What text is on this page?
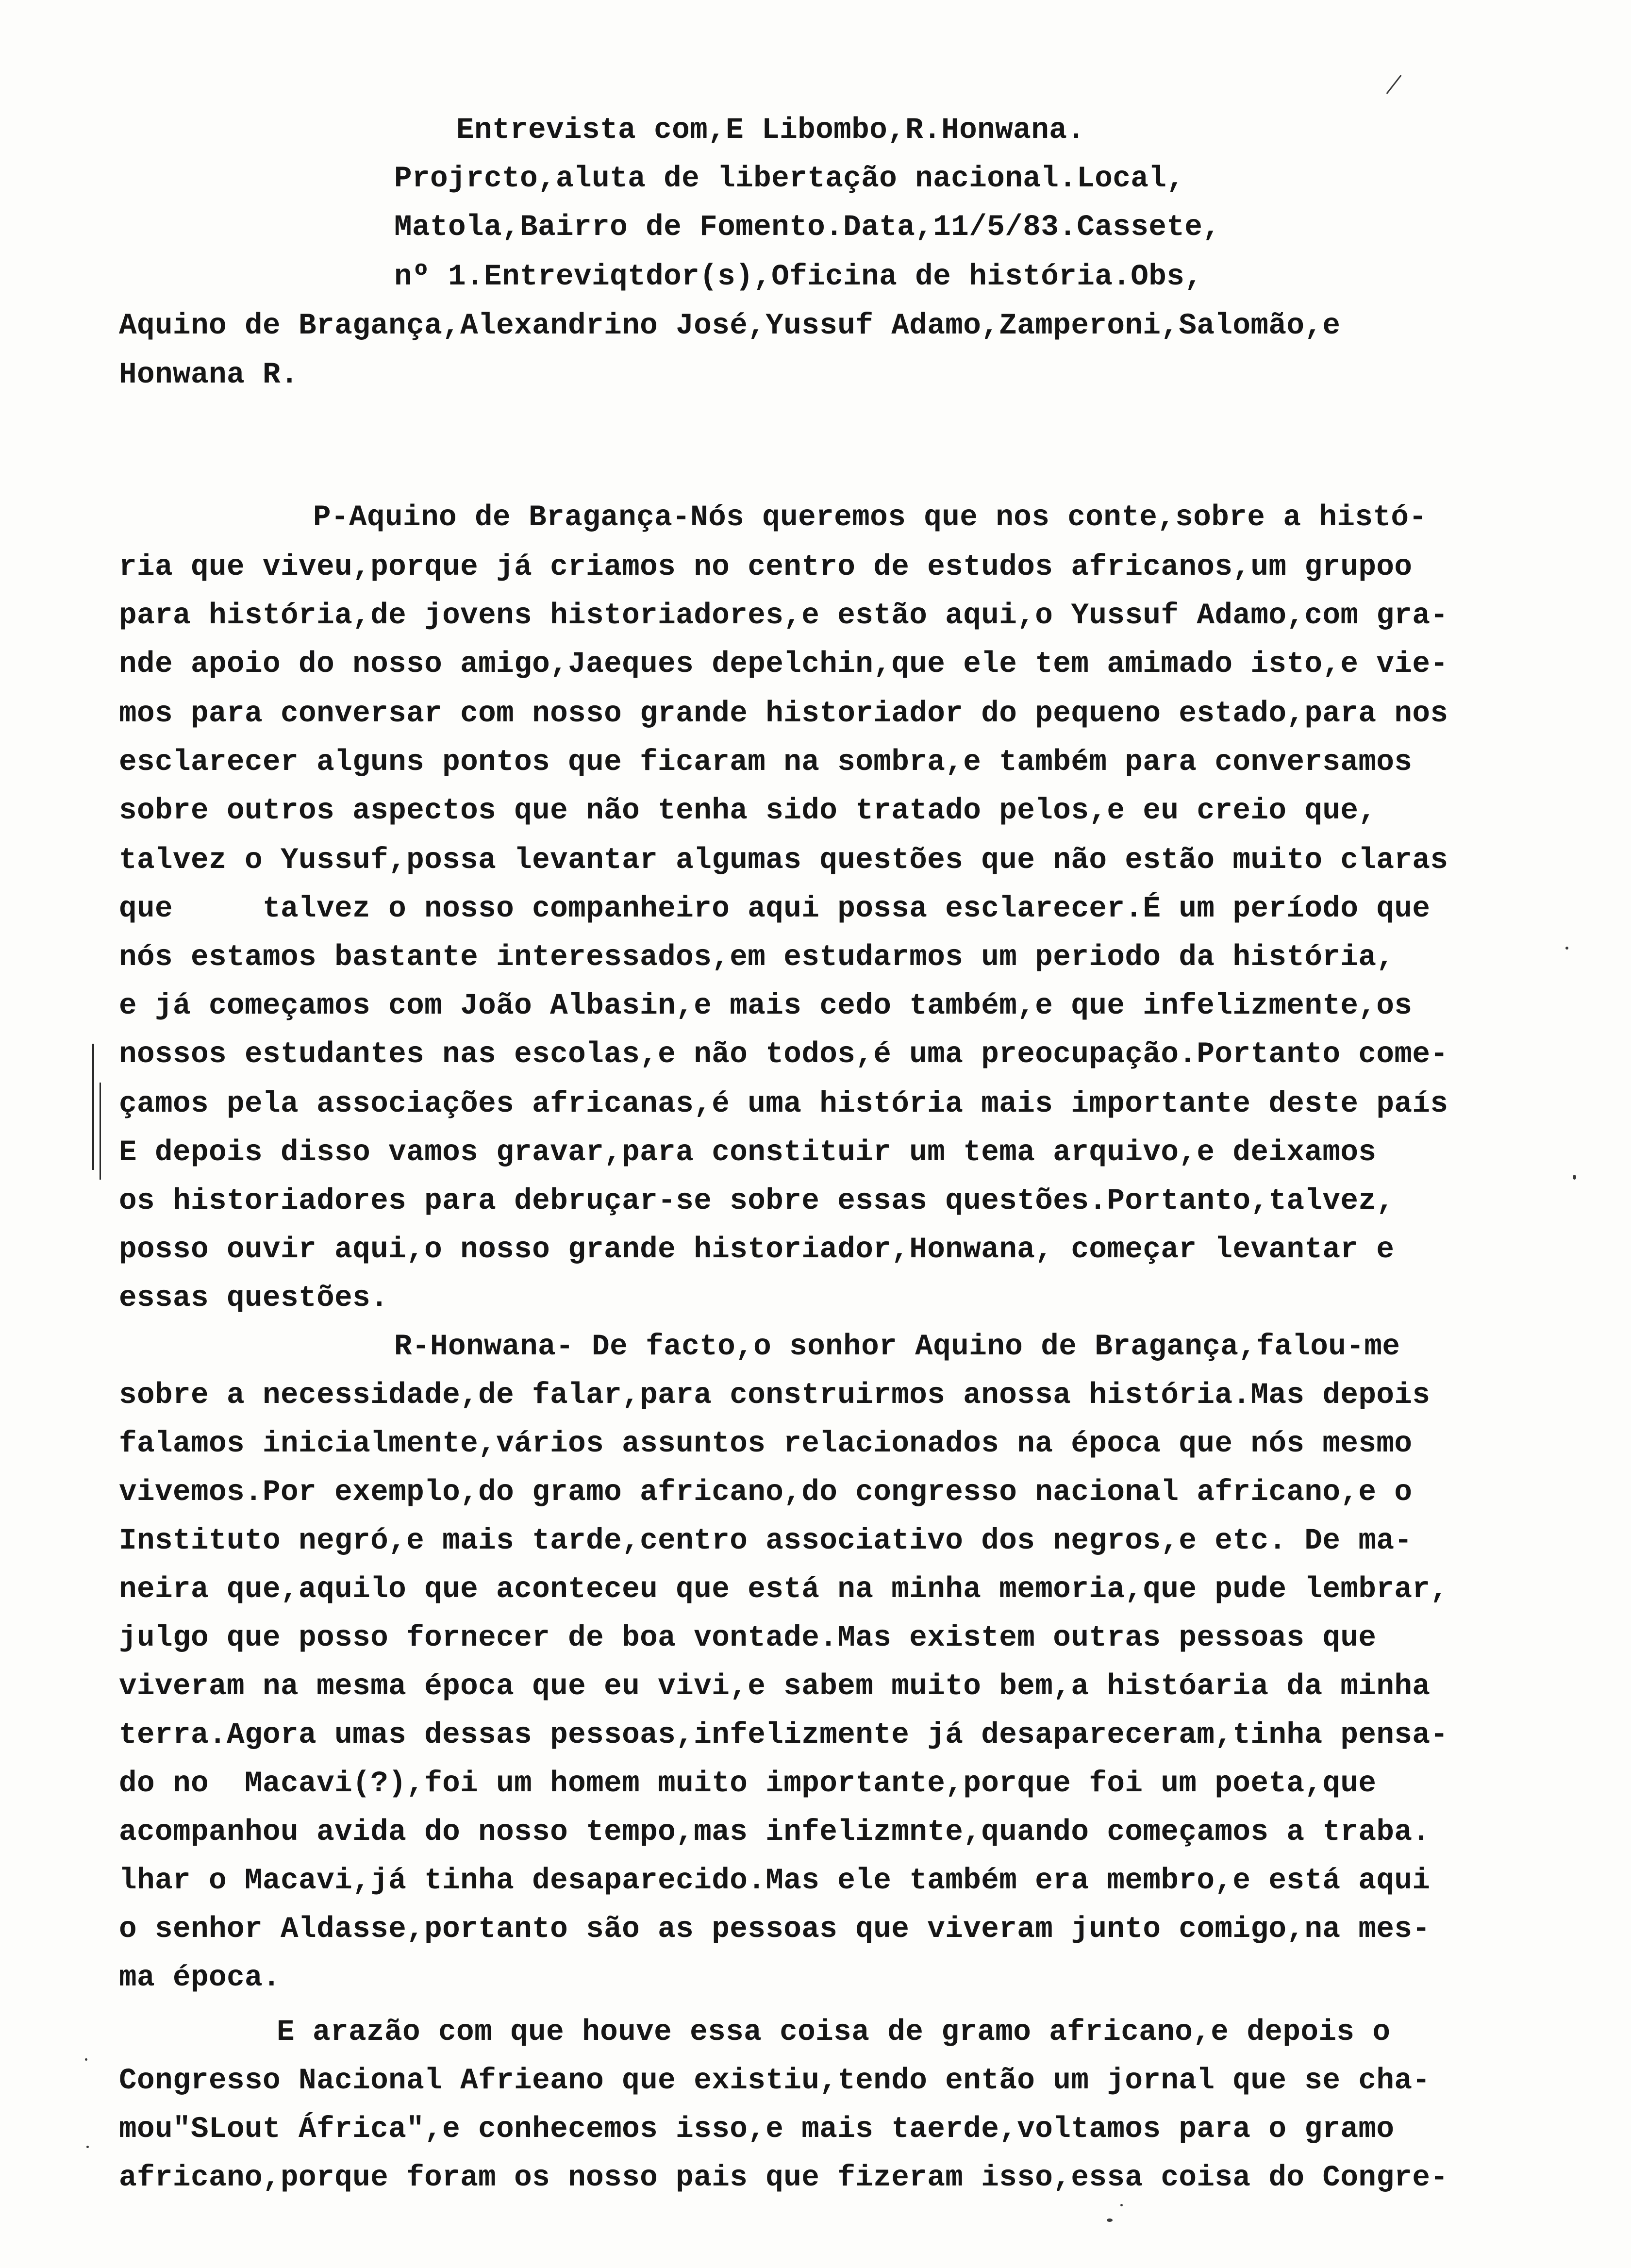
Entrevista com,E Libombo,R.Honwana.
Projrcto,aluta de libertação nacional.Local,
Matola,Bairro de Fomento.Data,11/5/83.Cassete,
nº 1.Entreviqtdor(s),Oficina de história.Obs,
Aquino de Bragança,Alexandrino José,Yussuf Adamo,Zamperoni,Salomão,e
Honwana R.
P-Aquino de Bragança-Nós queremos que nos conte,sobre a histó-
ria que viveu,porque já criamos no centro de estudos africanos,um grupoo
para história,de jovens historiadores,e estão aqui,o Yussuf Adamo,com gra-
nde apoio do nosso amigo,Jaeques depelchin,que ele tem amimado isto,e vie-
mos para conversar com nosso grande historiador do pequeno estado,para nos
esclarecer alguns pontos que ficaram na sombra,e também para conversamos
sobre outros aspectos que não tenha sido tratado pelos,e eu creio que,
talvez o Yussuf,possa levantar algumas questões que não estão muito claras
que     talvez o nosso companheiro aqui possa esclarecer.É um período que
nós estamos bastante interessados,em estudarmos um periodo da história,
e já começamos com João Albasin,e mais cedo também,e que infelizmente,os
nossos estudantes nas escolas,e não todos,é uma preocupação.Portanto come-
çamos pela associações africanas,é uma história mais importante deste país
E depois disso vamos gravar,para constituir um tema arquivo,e deixamos
os historiadores para debruçar-se sobre essas questões.Portanto,talvez,
posso ouvir aqui,o nosso grande historiador,Honwana, começar levantar e
essas questões.
R-Honwana- De facto,o sonhor Aquino de Bragança,falou-me
sobre a necessidade,de falar,para construirmos anossa história.Mas depois
falamos inicialmente,vários assuntos relacionados na época que nós mesmo
vivemos.Por exemplo,do gramo africano,do congresso nacional africano,e o
Instituto negró,e mais tarde,centro associativo dos negros,e etc. De ma-
neira que,aquilo que aconteceu que está na minha memoria,que pude lembrar,
julgo que posso fornecer de boa vontade.Mas existem outras pessoas que
viveram na mesma época que eu vivi,e sabem muito bem,a históaria da minha
terra.Agora umas dessas pessoas,infelizmente já desapareceram,tinha pensa-
do no  Macavi(?),foi um homem muito importante,porque foi um poeta,que
acompanhou avida do nosso tempo,mas infelizmnte,quando começamos a traba.
lhar o Macavi,já tinha desaparecido.Mas ele também era membro,e está aqui
o senhor Aldasse,portanto são as pessoas que viveram junto comigo,na mes-
ma época.
E arazão com que houve essa coisa de gramo africano,e depois o
Congresso Nacional Afrieano que existiu,tendo então um jornal que se cha-
mou"SLout África",e conhecemos isso,e mais taerde,voltamos para o gramo
africano,porque foram os nosso pais que fizeram isso,essa coisa do Congre-
